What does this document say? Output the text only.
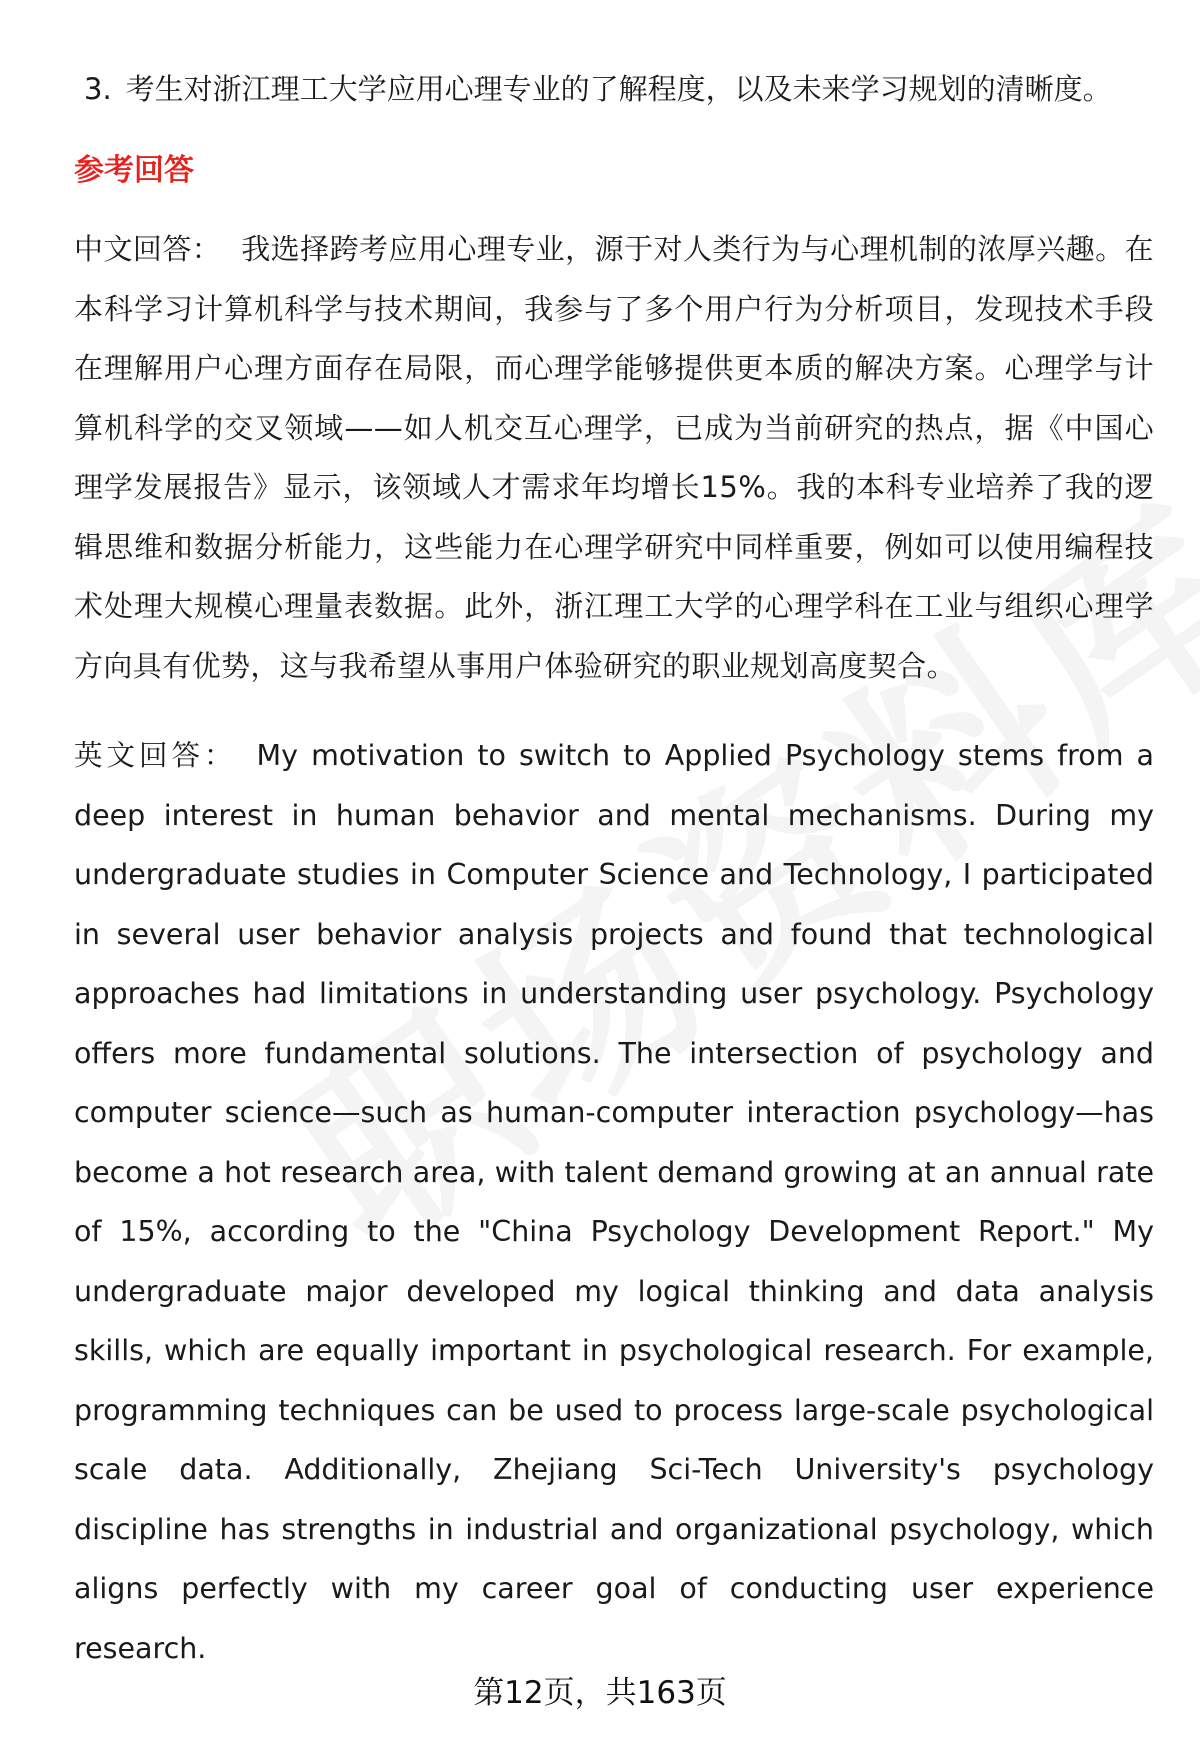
3. 考生对浙江理工大学应用心理专业的了解程度，以及未来学习规划的清晰度。
参考回答
中文回答： 我选择跨考应用心理专业，源于对人类行为与心理机制的浓厚兴趣。在本科学习计算机科学与技术期间，我参与了多个用户行为分析项目，发现技术手段在理解用户心理方面存在局限，而心理学能够提供更本质的解决方案。心理学与计算机科学的交叉领域——如人机交互心理学，已成为当前研究的热点，据《中国心理学发展报告》显示，该领域人才需求年均增长15%。我的本科专业培养了我的逻辑思维和数据分析能力，这些能力在心理学研究中同样重要，例如可以使用编程技术处理大规模心理量表数据。此外，浙江理工大学的心理学科在工业与组织心理学方向具有优势，这与我希望从事用户体验研究的职业规划高度契合。
英文回答： My motivation to switch to Applied Psychology stems from a deep interest in human behavior and mental mechanisms. During my undergraduate studies in Computer Science and Technology, I participated in several user behavior analysis projects and found that technological approaches had limitations in understanding user psychology. Psychology offers more fundamental solutions. The intersection of psychology and computer science—such as human-computer interaction psychology—has become a hot research area, with talent demand growing at an annual rate of 15%, according to the "China Psychology Development Report." My undergraduate major developed my logical thinking and data analysis skills, which are equally important in psychological research. For example, programming techniques can be used to process large-scale psychological scale data. Additionally, Zhejiang Sci-Tech University's psychology discipline has strengths in industrial and organizational psychology, which aligns perfectly with my career goal of conducting user experience research.
第12页，共163页
